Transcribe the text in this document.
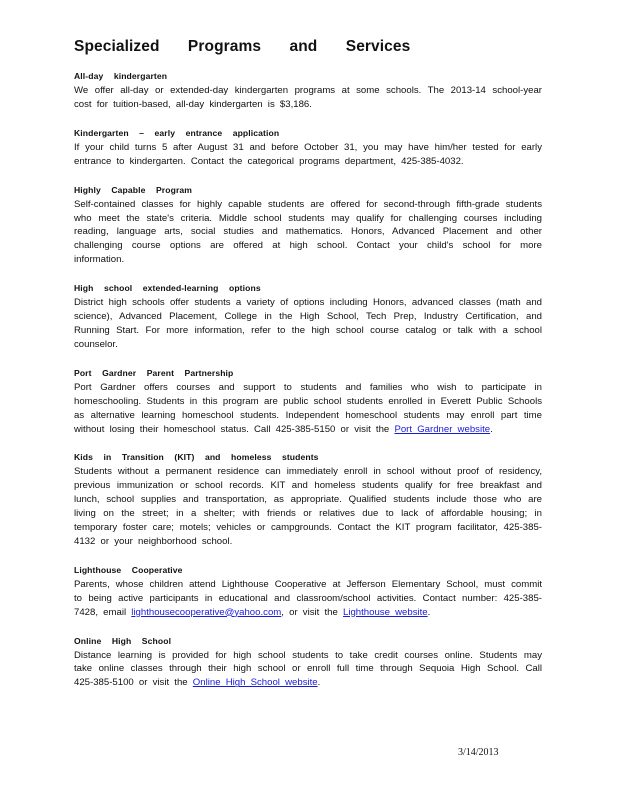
Specialized Programs and Services
All-day kindergarten

We offer all-day or extended-day kindergarten programs at some schools. The 2013-14 school-year cost for tuition-based, all-day kindergarten is $3,186.

Kindergarten – early entrance application

If your child turns 5 after August 31 and before October 31, you may have him/her tested for early entrance to kindergarten. Contact the categorical programs department, 425-385-4032.

Highly Capable Program

Self-contained classes for highly capable students are offered for second-through fifth-grade students who meet the state's criteria. Middle school students may qualify for challenging courses including reading, language arts, social studies and mathematics. Honors, Advanced Placement and other challenging course options are offered at high school. Contact your child's school for more information.

High school extended-learning options

District high schools offer students a variety of options including Honors, advanced classes (math and science), Advanced Placement, College in the High School, Tech Prep, Industry Certification, and Running Start. For more information, refer to the high school course catalog or talk with a school counselor.

Port Gardner Parent Partnership

Port Gardner offers courses and support to students and families who wish to participate in homeschooling. Students in this program are public school students enrolled in Everett Public Schools as alternative learning homeschool students. Independent homeschool students may enroll part time without losing their homeschool status. Call 425-385-5150 or visit the Port Gardner website.

Kids in Transition (KIT) and homeless students

Students without a permanent residence can immediately enroll in school without proof of residency, previous immunization or school records. KIT and homeless students qualify for free breakfast and lunch, school supplies and transportation, as appropriate. Qualified students include those who are living on the street; in a shelter; with friends or relatives due to lack of affordable housing; in temporary foster care; motels; vehicles or campgrounds. Contact the KIT program facilitator, 425-385-4132 or your neighborhood school.

Lighthouse Cooperative

Parents, whose children attend Lighthouse Cooperative at Jefferson Elementary School, must commit to being active participants in educational and classroom/school activities. Contact number: 425-385-7428, email lighthousecooperative@yahoo.com, or visit the Lighthouse website.

Online High School

Distance learning is provided for high school students to take credit courses online. Students may take online classes through their high school or enroll full time through Sequoia High School. Call 425-385-5100 or visit the Online High School website.

3/14/2013
